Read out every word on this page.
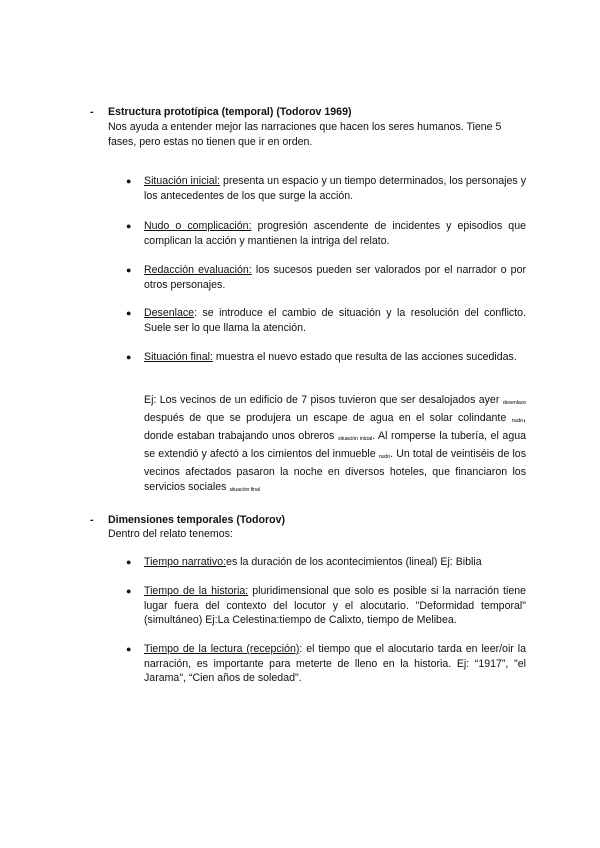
- Estructura prototípica (temporal) (Todorov 1969)
Nos ayuda a entender mejor las narraciones que hacen los seres humanos. Tiene 5 fases, pero estas no tienen que ir en orden.
● Situación inicial: presenta un espacio y un tiempo determinados, los personajes y los antecedentes de los que surge la acción.
● Nudo o complicación: progresión ascendente de incidentes y episodios que complican la acción y mantienen la intriga del relato.
● Redacción evaluación: los sucesos pueden ser valorados por el narrador o por otros personajes.
● Desenlace: se introduce el cambio de situación y la resolución del conflicto. Suele ser lo que llama la atención.
● Situación final: muestra el nuevo estado que resulta de las acciones sucedidas.
Ej: Los vecinos de un edificio de 7 pisos tuvieron que ser desalojados ayer desenlace después de que se produjera un escape de agua en el solar colindante nudo, donde estaban trabajando unos obreros situación inicial. Al romperse la tubería, el agua se extendió y afectó a los cimientos del inmueble nudo. Un total de veintiséis de los vecinos afectados pasaron la noche en diversos hoteles, que financiaron los servicios sociales situación final
- Dimensiones temporales (Todorov)
Dentro del relato tenemos:
● Tiempo narrativo:es la duración de los acontecimientos (lineal) Ej: Biblia
● Tiempo de la historia: pluridimensional que solo es posible si la narración tiene lugar fuera del contexto del locutor y el alocutario. "Deformidad temporal" (simultáneo) Ej:La Celestina:tiempo de Calixto, tiempo de Melibea.
● Tiempo de la lectura (recepción): el tiempo que el alocutario tarda en leer/oir la narración, es importante para meterte de lleno en la historia. Ej: “1917”, "el Jarama", “Cien años de soledad".
